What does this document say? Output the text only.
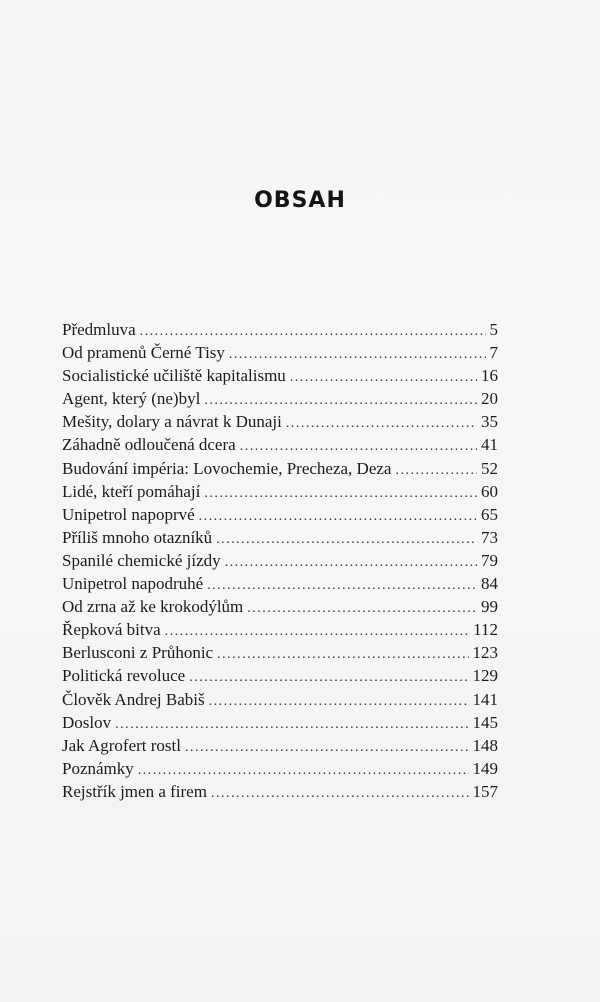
OBSAH
Předmluva . . .	5
Od pramenů Černé Tisy . . .	7
Socialistické učiliště kapitalismu . . .	16
Agent, který (ne)byl . . .	20
Mešity, dolary a návrat k Dunaji . . .	35
Záhadně odloučená dcera . . .	41
Budování impéria: Lovochemie, Precheza, Deza . . .	52
Lidé, kteří pomáhají . . .	60
Unipetrol napoprvé . . .	65
Příliš mnoho otazníků . . .	73
Spanilé chemické jízdy . . .	79
Unipetrol napodruhé . . .	84
Od zrna až ke krokodýlům . . .	99
Řepková bitva . . .	112
Berlusconi z Průhonic . . .	123
Politická revoluce . . .	129
Člověk Andrej Babiš . . .	141
Doslov . . .	145
Jak Agrofert rostl . . .	148
Poznámky . . .	149
Rejstřík jmen a firem . . .	157
